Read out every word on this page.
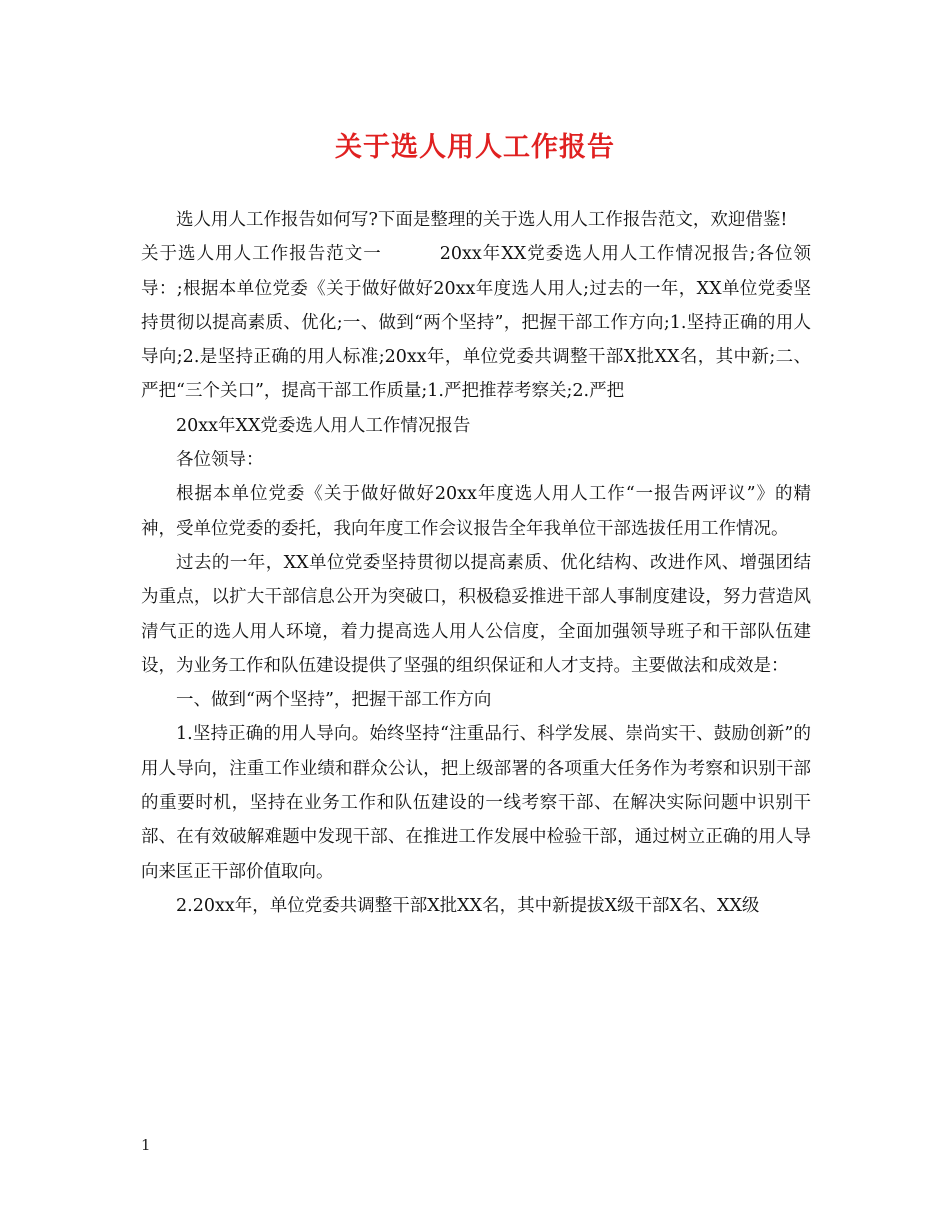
关于选人用人工作报告

选人用人工作报告如何写?下面是整理的关于选人用人工作报告范文，欢迎借鉴!

关于选人用人工作报告范文一	20xx年XX党委选人用人工作情况报告;各位领导：;根据本单位党委《关于做好做好20xx年度选人用人;过去的一年，XX单位党委坚持贯彻以提高素质、优化;一、做到“两个坚持”，把握干部工作方向;1.坚持正确的用人导向;2.是坚持正确的用人标准;20xx年，单位党委共调整干部X批XX名，其中新;二、严把“三个关口”，提高干部工作质量;1.严把推荐考察关;2.严把

20xx年XX党委选人用人工作情况报告

各位领导：

根据本单位党委《关于做好做好20xx年度选人用人工作“一报告两评议”》的精神，受单位党委的委托，我向年度工作会议报告全年我单位干部选拔任用工作情况。

过去的一年，XX单位党委坚持贯彻以提高素质、优化结构、改进作风、增强团结为重点，以扩大干部信息公开为突破口，积极稳妥推进干部人事制度建设，努力营造风清气正的选人用人环境，着力提高选人用人公信度，全面加强领导班子和干部队伍建设，为业务工作和队伍建设提供了坚强的组织保证和人才支持。主要做法和成效是：

一、做到“两个坚持”，把握干部工作方向

1.坚持正确的用人导向。始终坚持“注重品行、科学发展、崇尚实干、鼓励创新”的用人导向，注重工作业绩和群众公认，把上级部署的各项重大任务作为考察和识别干部的重要时机，坚持在业务工作和队伍建设的一线考察干部、在解决实际问题中识别干部、在有效破解难题中发现干部、在推进工作发展中检验干部，通过树立正确的用人导向来匡正干部价值取向。

2.20xx年，单位党委共调整干部X批XX名，其中新提拔X级干部X名、XX级

1
